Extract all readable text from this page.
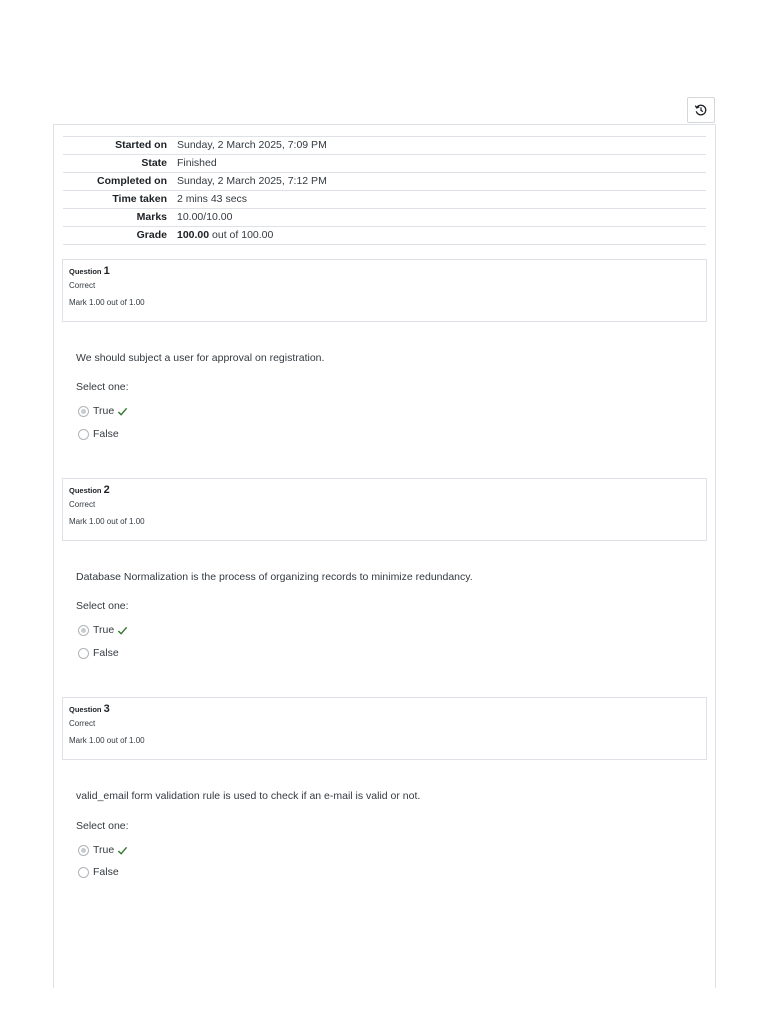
Started on	Sunday, 2 March 2025, 7:09 PM
State	Finished
Completed on	Sunday, 2 March 2025, 7:12 PM
Time taken	2 mins 43 secs
Marks	10.00/10.00
Grade	100.00 out of 100.00
Question 1
Correct
Mark 1.00 out of 1.00
We should subject a user for approval on registration.
Select one:
True
False
Question 2
Correct
Mark 1.00 out of 1.00
Database Normalization is the process of organizing records to minimize redundancy.
Select one:
True
False
Question 3
Correct
Mark 1.00 out of 1.00
valid_email form validation rule is used to check if an e-mail is valid or not.
Select one:
True
False
